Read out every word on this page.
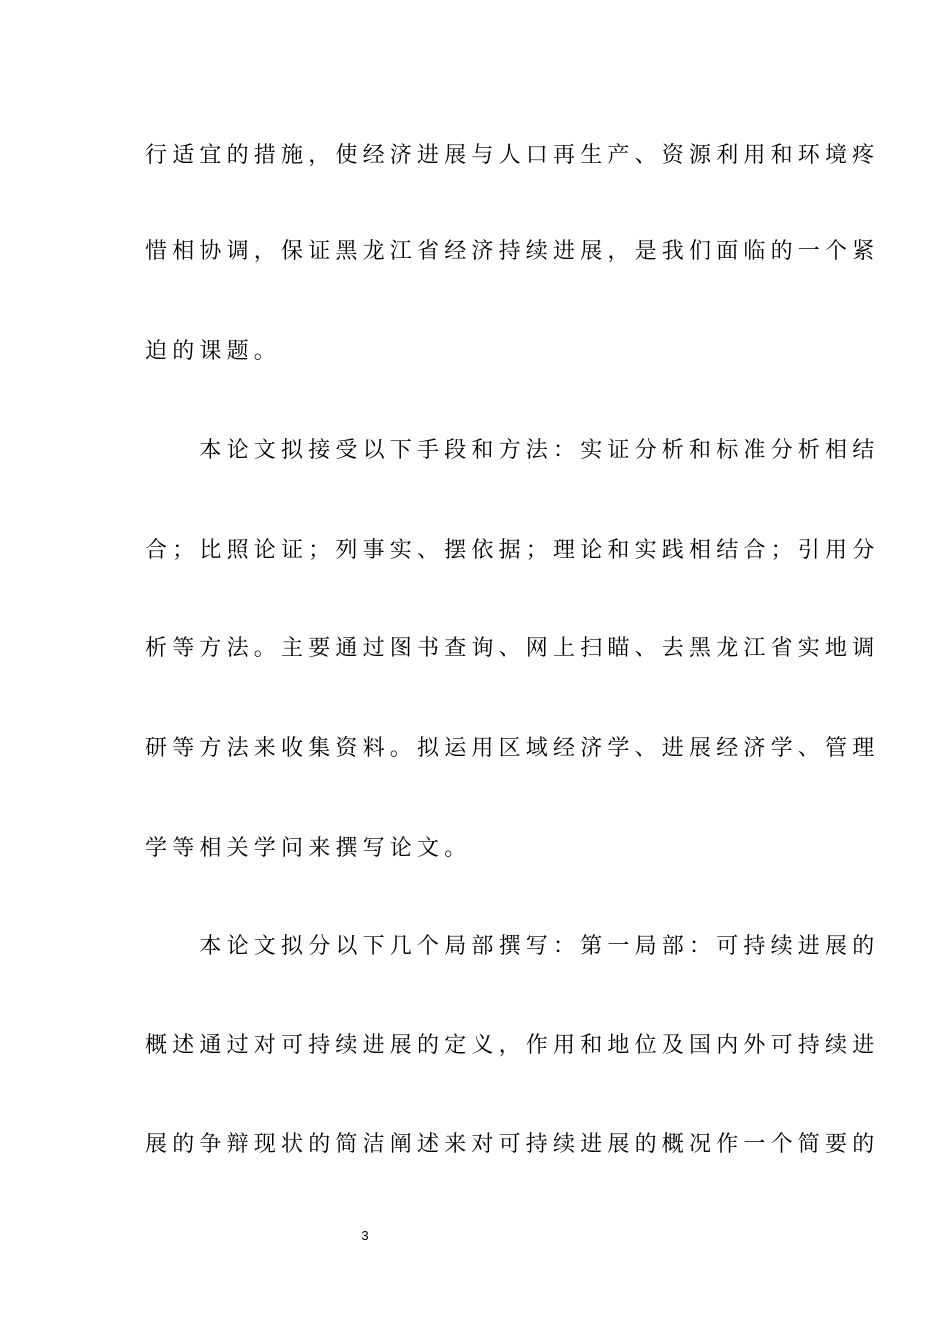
行适宜的措施，使经济进展与人口再生产、资源利用和环境疼
惜相协调，保证黑龙江省经济持续进展，是我们面临的一个紧
迫的课题。
　　本论文拟接受以下手段和方法：实证分析和标准分析相结
合；比照论证；列事实、摆依据；理论和实践相结合；引用分
析等方法。主要通过图书查询、网上扫瞄、去黑龙江省实地调
研等方法来收集资料。拟运用区域经济学、进展经济学、管理
学等相关学问来撰写论文。
　　本论文拟分以下几个局部撰写：第一局部：可持续进展的
概述通过对可持续进展的定义，作用和地位及国内外可持续进
展的争辩现状的简洁阐述来对可持续进展的概况作一个简要的
3
